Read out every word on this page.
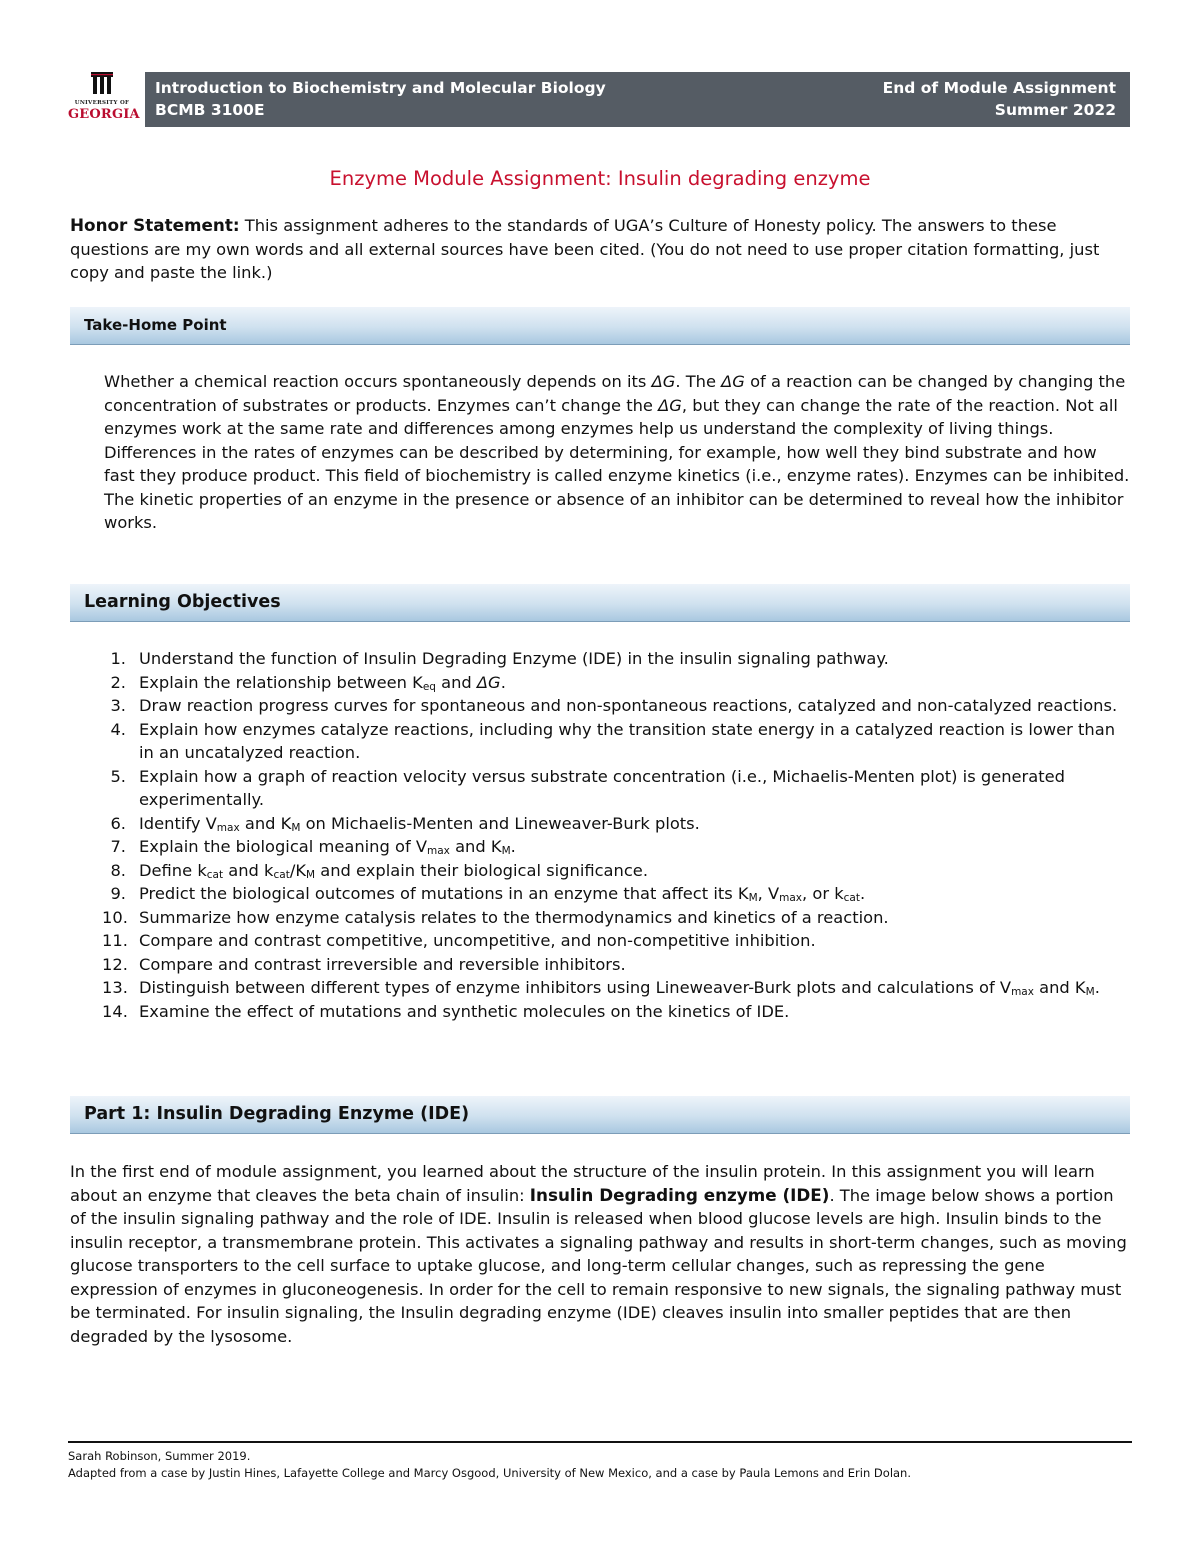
UNIVERSITY OF
GEORGIA
Introduction to Biochemistry and Molecular Biology
BCMB 3100E
End of Module Assignment
Summer 2022
Enzyme Module Assignment: Insulin degrading enzyme

Honor Statement: This assignment adheres to the standards of UGA’s Culture of Honesty policy. The answers to these questions are my own words and all external sources have been cited. (You do not need to use proper citation formatting, just copy and paste the link.)

Take-Home Point

Whether a chemical reaction occurs spontaneously depends on its ΔG. The ΔG of a reaction can be changed by changing the concentration of substrates or products. Enzymes can’t change the ΔG, but they can change the rate of the reaction. Not all enzymes work at the same rate and differences among enzymes help us understand the complexity of living things. Differences in the rates of enzymes can be described by determining, for example, how well they bind substrate and how fast they produce product. This field of biochemistry is called enzyme kinetics (i.e., enzyme rates). Enzymes can be inhibited. The kinetic properties of an enzyme in the presence or absence of an inhibitor can be determined to reveal how the inhibitor works.

Learning Objectives
1. Understand the function of Insulin Degrading Enzyme (IDE) in the insulin signaling pathway.
2. Explain the relationship between $K_{eq}$ and ΔG.
3. Draw reaction progress curves for spontaneous and non-spontaneous reactions, catalyzed and non-catalyzed reactions.
4. Explain how enzymes catalyze reactions, including why the transition state energy in a catalyzed reaction is lower than in an uncatalyzed reaction.
5. Explain how a graph of reaction velocity versus substrate concentration (i.e., Michaelis-Menten plot) is generated experimentally.
6. Identify $V_{max}$ and $K_M$ on Michaelis-Menten and Lineweaver-Burk plots.
7. Explain the biological meaning of $V_{max}$ and $K_M$.
8. Define $k_{cat}$ and $k_{cat}/K_M$ and explain their biological significance.
9. Predict the biological outcomes of mutations in an enzyme that affect its $K_M$, $V_{max}$, or $k_{cat}$.
10. Summarize how enzyme catalysis relates to the thermodynamics and kinetics of a reaction.
11. Compare and contrast competitive, uncompetitive, and non-competitive inhibition.
12. Compare and contrast irreversible and reversible inhibitors.
13. Distinguish between different types of enzyme inhibitors using Lineweaver-Burk plots and calculations of $V_{max}$ and $K_M$.
14. Examine the effect of mutations and synthetic molecules on the kinetics of IDE.
Part 1: Insulin Degrading Enzyme (IDE)

In the first end of module assignment, you learned about the structure of the insulin protein. In this assignment you will learn about an enzyme that cleaves the beta chain of insulin: Insulin Degrading enzyme (IDE). The image below shows a portion of the insulin signaling pathway and the role of IDE. Insulin is released when blood glucose levels are high. Insulin binds to the insulin receptor, a transmembrane protein. This activates a signaling pathway and results in short-term changes, such as moving glucose transporters to the cell surface to uptake glucose, and long-term cellular changes, such as repressing the gene expression of enzymes in gluconeogenesis. In order for the cell to remain responsive to new signals, the signaling pathway must be terminated. For insulin signaling, the Insulin degrading enzyme (IDE) cleaves insulin into smaller peptides that are then degraded by the lysosome.

Sarah Robinson, Summer 2019.
Adapted from a case by Justin Hines, Lafayette College and Marcy Osgood, University of New Mexico, and a case by Paula Lemons and Erin Dolan.
